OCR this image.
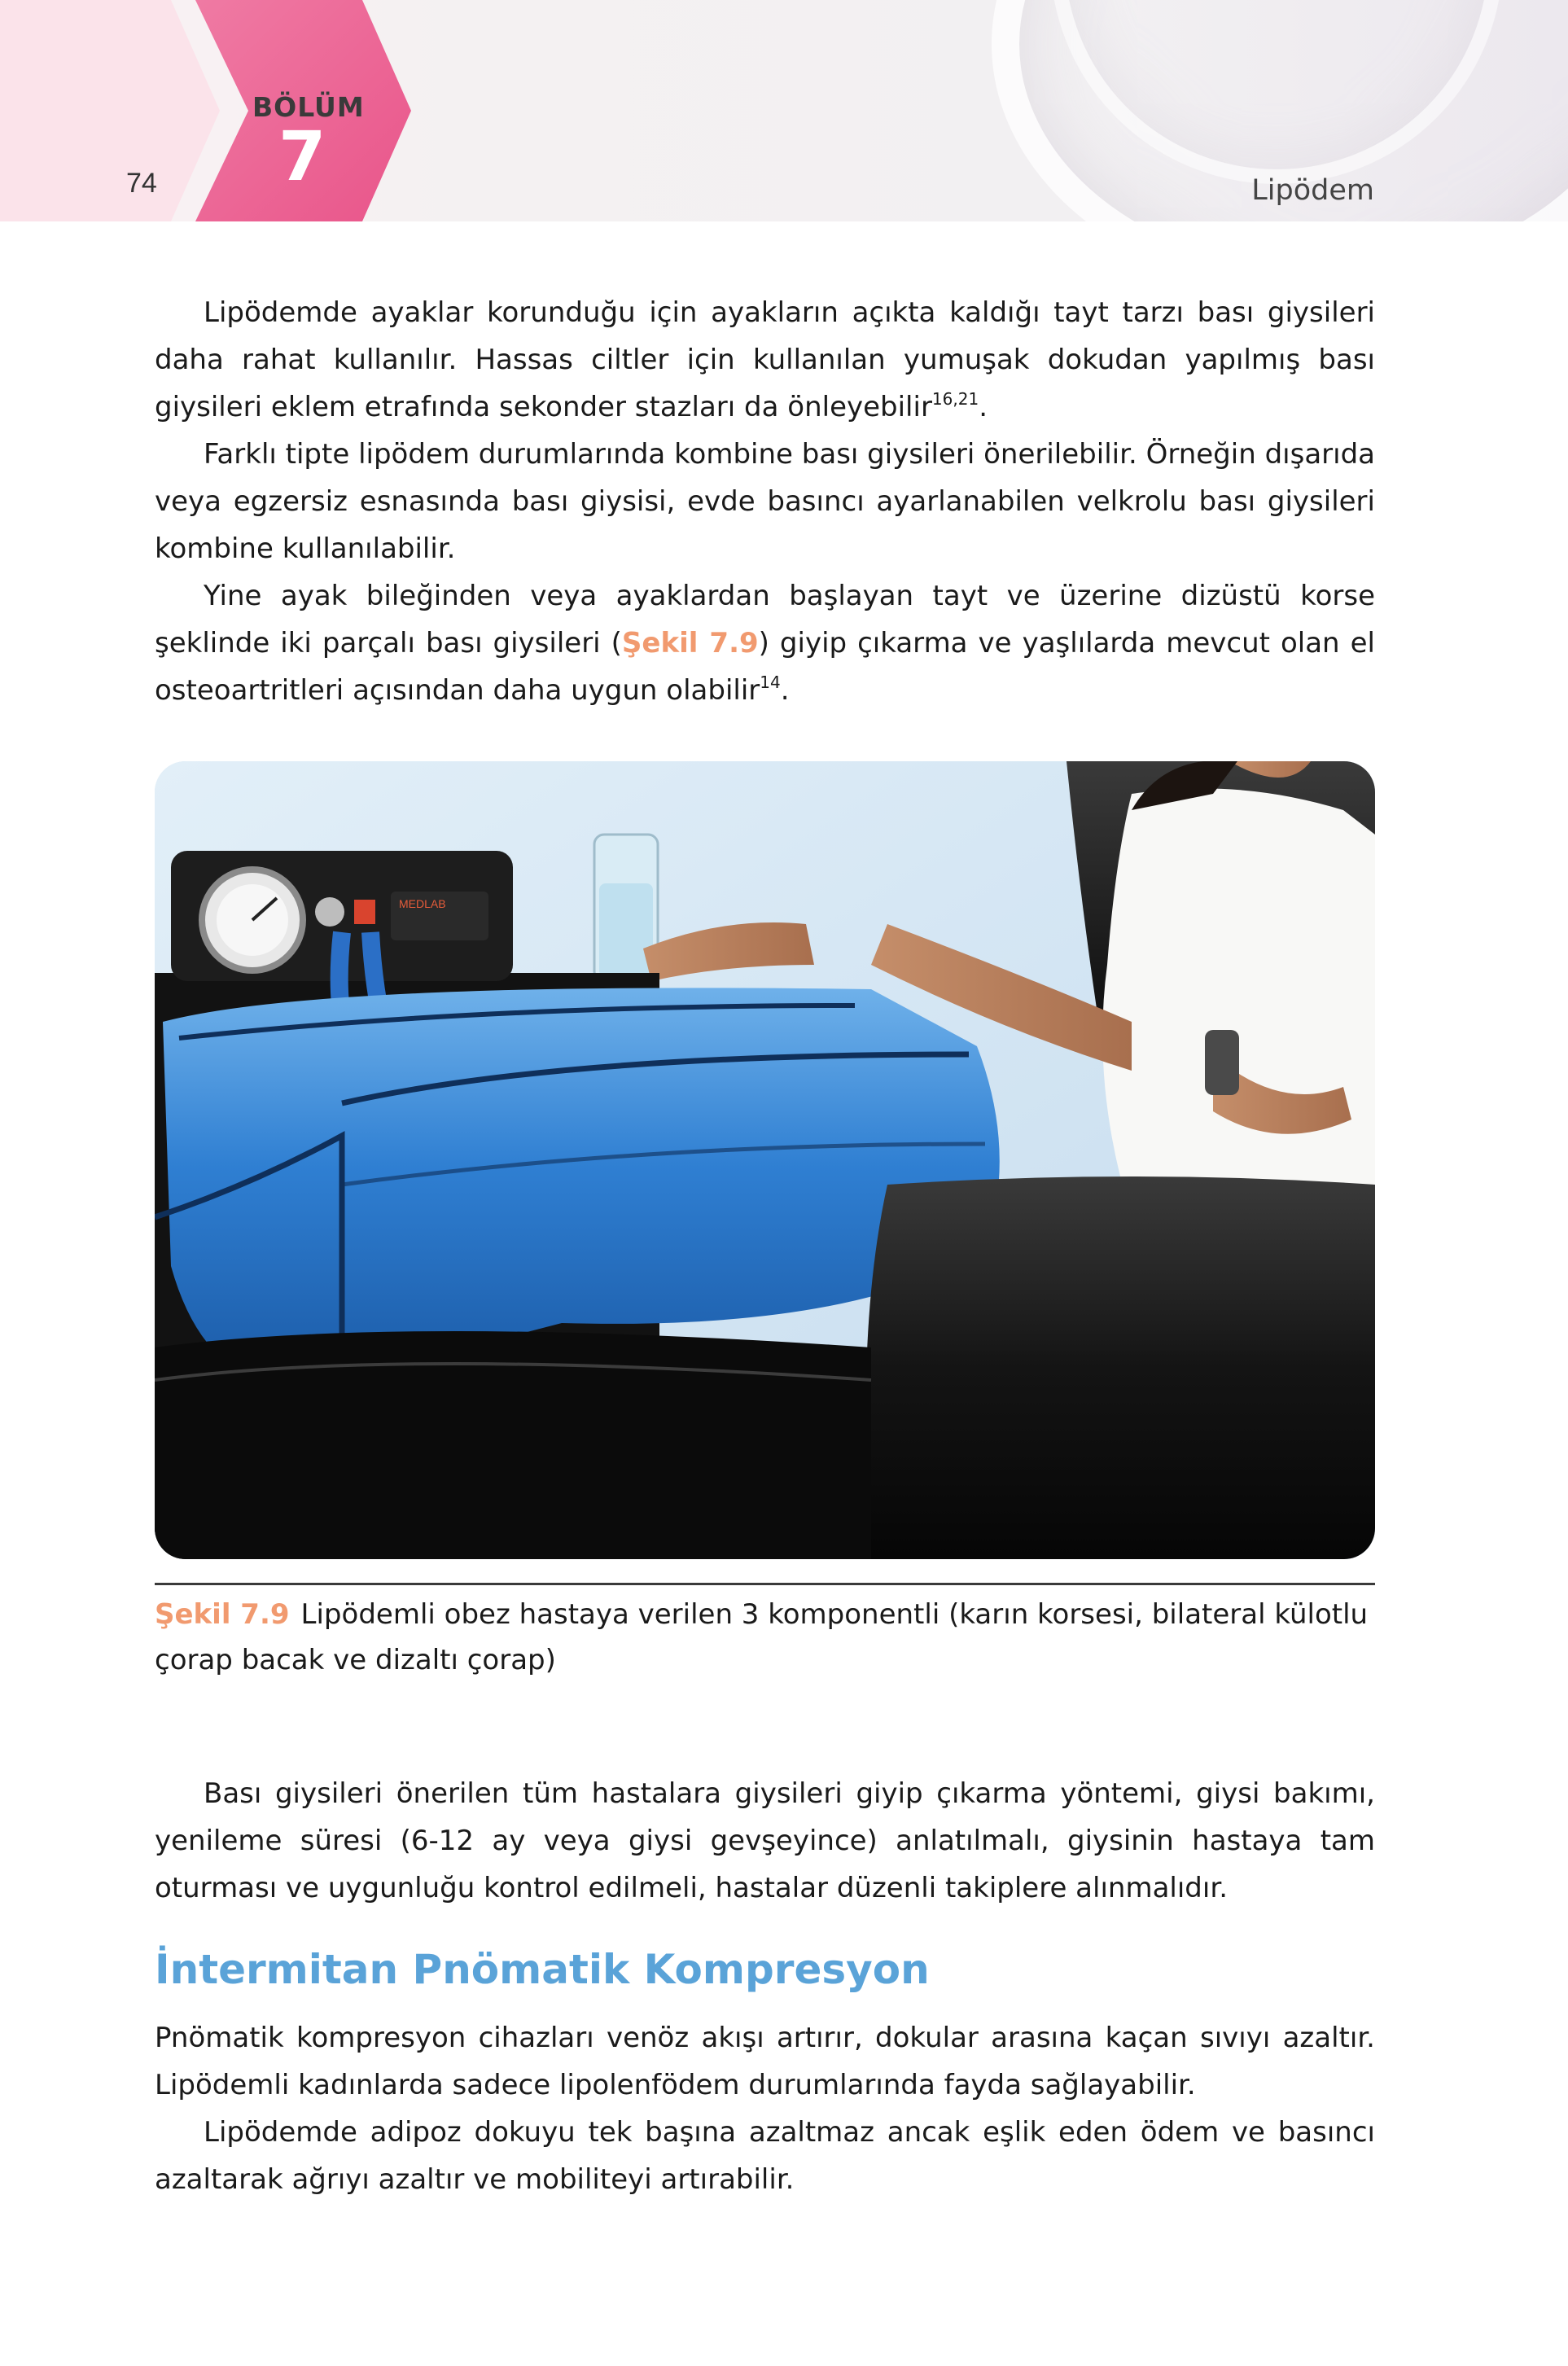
BÖLÜM
7
74	Lipödem

Lipödemde ayaklar korunduğu için ayakların açıkta kaldığı tayt tarzı bası giysileri daha rahat kullanılır. Hassas ciltler için kullanılan yumuşak dokudan yapılmış bası giysileri eklem etrafında sekonder stazları da önleyebilir$^{16,21}$.

Farklı tipte lipödem durumlarında kombine bası giysileri önerilebilir. Örneğin dışarıda veya egzersiz esnasında bası giysisi, evde basıncı ayarlanabilen velkrolu bası giysileri kombine kullanılabilir.

Yine ayak bileğinden veya ayaklardan başlayan tayt ve üzerine dizüstü korse şeklinde iki parçalı bası giysileri (Şekil 7.9) giyip çıkarma ve yaşlılarda mevcut olan el osteoartritleri açısından daha uygun olabilir$^{14}$.

MEDLAB
Şekil 7.9 Lipödemli obez hastaya verilen 3 komponentli (karın korsesi, bilateral külotlu çorap bacak ve dizaltı çorap)

Bası giysileri önerilen tüm hastalara giysileri giyip çıkarma yöntemi, giysi bakımı, yenileme süresi (6-12 ay veya giysi gevşeyince) anlatılmalı, giysinin hastaya tam oturması ve uygunluğu kontrol edilmeli, hastalar düzenli takiplere alınmalıdır.

İntermitan Pnömatik Kompresyon

Pnömatik kompresyon cihazları venöz akışı artırır, dokular arasına kaçan sıvıyı azaltır. Lipödemli kadınlarda sadece lipolenfödem durumlarında fayda sağlayabilir.

Lipödemde adipoz dokuyu tek başına azaltmaz ancak eşlik eden ödem ve basıncı azaltarak ağrıyı azaltır ve mobiliteyi artırabilir.
